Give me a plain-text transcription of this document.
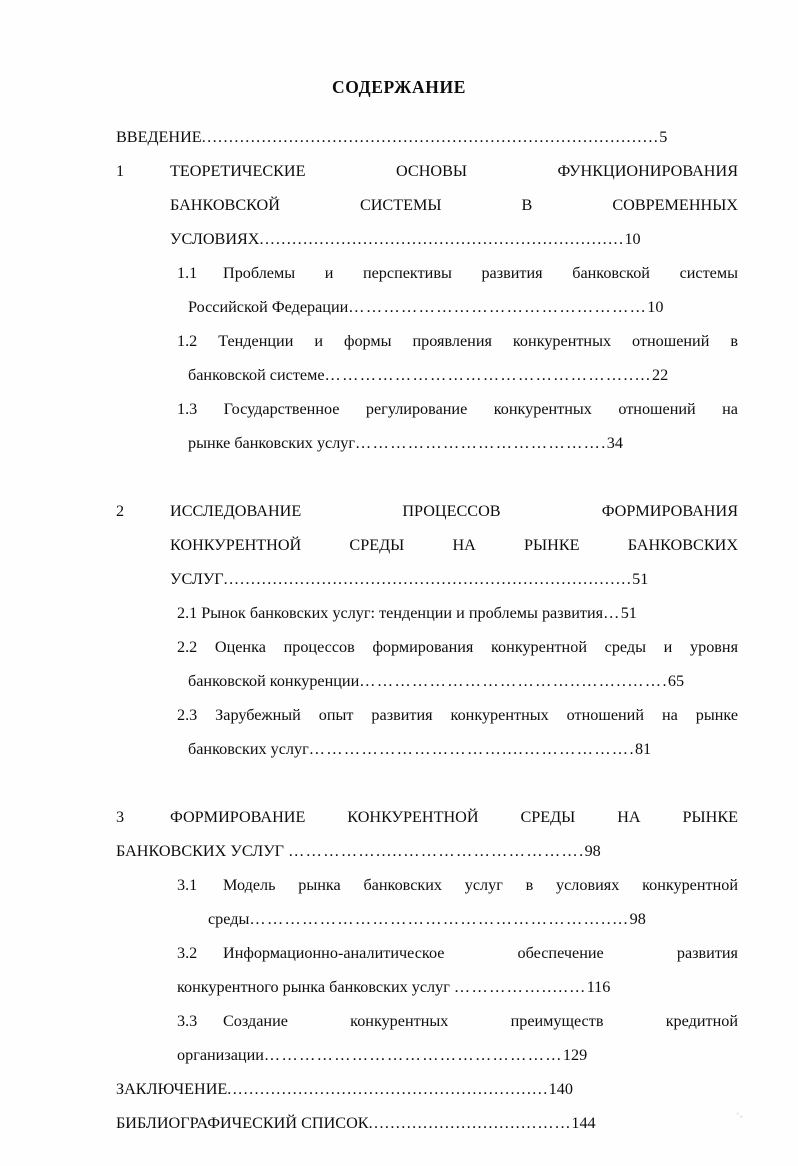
СОДЕРЖАНИЕ
ВВЕДЕНИЕ....................................................................................5
1	ТЕОРЕТИЧЕСКИЕ	ОСНОВЫ	ФУНКЦИОНИРОВАНИЯ
БАНКОВСКОЙ	СИСТЕМЫ	В	СОВРЕМЕННЫХ
УСЛОВИЯХ...................................................................10
1.1	Проблемы и перспективы развития банковской системы
Российской Федерации……………………………………………10
1.2 Тенденции и формы проявления конкурентных отношений в
банковской системе……………………………………………..…22
1.3 Государственное регулирование конкурентных отношений на
рынке банковских услуг…………………………………….34
2	ИССЛЕДОВАНИЕ	ПРОЦЕССОВ	ФОРМИРОВАНИЯ
КОНКУРЕНТНОЙ	СРЕДЫ	НА	РЫНКЕ	БАНКОВСКИХ
УСЛУГ...........................................................................51
2.1 Рынок банковских услуг: тенденции и проблемы развития…51
2.2 Оценка процессов формирования конкурентной среды и уровня
банковской конкуренции………………………………..……..…….65
2.3 Зарубежный опыт развития конкурентных отношений на рынке
банковских услуг……………………………....……………….81
3	ФОРМИРОВАНИЕ	КОНКУРЕНТНОЙ	СРЕДЫ	НА	РЫНКЕ
БАНКОВСКИХ УСЛУГ …………….....………………………….98
3.1	Модель рынка банковских услуг в условиях конкурентной
среды……………………………………………………..…98
3.2	Информационно-аналитическое	обеспечение	развития
конкурентного рынка банковских услуг …………….....…116
3.3	Создание	конкурентных	преимуществ	кредитной
организации……………………………………………129
ЗАКЛЮЧЕНИЕ...........................................................140
БИБЛИОГРАФИЧЕСКИЙ СПИСОК...............................…...144
